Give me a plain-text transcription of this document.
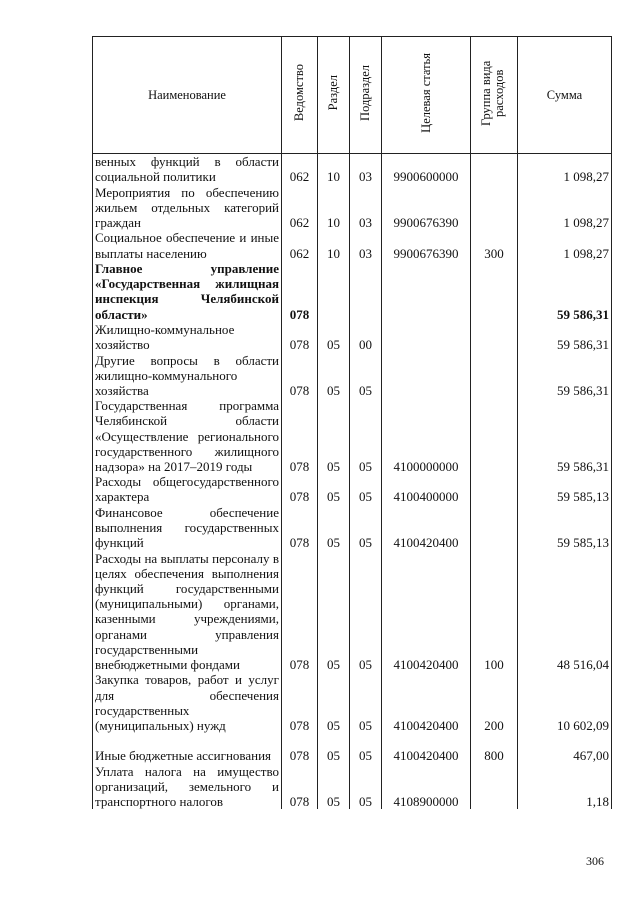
Наименование	Ведомство	Раздел	Подраздел	Целевая статья	Группа вида расходов	Сумма
венных функций в области социальной политики	062	10	03	9900600000		1 098,27
Мероприятия по обеспечению жильем отдельных категорий граждан	062	10	03	9900676390		1 098,27
Социальное обеспечение и иные выплаты населению	062	10	03	9900676390	300	1 098,27
Главное управление «Государственная жилищная инспекция Челябинской области»	078					59 586,31
Жилищно-коммунальное хозяйство	078	05	00			59 586,31
Другие вопросы в области жилищно-коммунального хозяйства	078	05	05			59 586,31
Государственная программа Челябинской области «Осуществление регионального государственного жилищного надзора» на 2017–2019 годы	078	05	05	4100000000		59 586,31
Расходы общегосударственного характера	078	05	05	4100400000		59 585,13
Финансовое обеспечение выполнения государственных функций	078	05	05	4100420400		59 585,13
Расходы на выплаты персоналу в целях обеспечения выполнения функций государственными (муниципальными) органами, казенными учреждениями, органами управления государственными внебюджетными фондами	078	05	05	4100420400	100	48 516,04
Закупка товаров, работ и услуг для обеспечения государственных (муниципальных) нужд	078	05	05	4100420400	200	10 602,09
Иные бюджетные ассигнования	078	05	05	4100420400	800	467,00
Уплата налога на имущество организаций, земельного и транспортного налогов	078	05	05	4108900000		1,18
306
